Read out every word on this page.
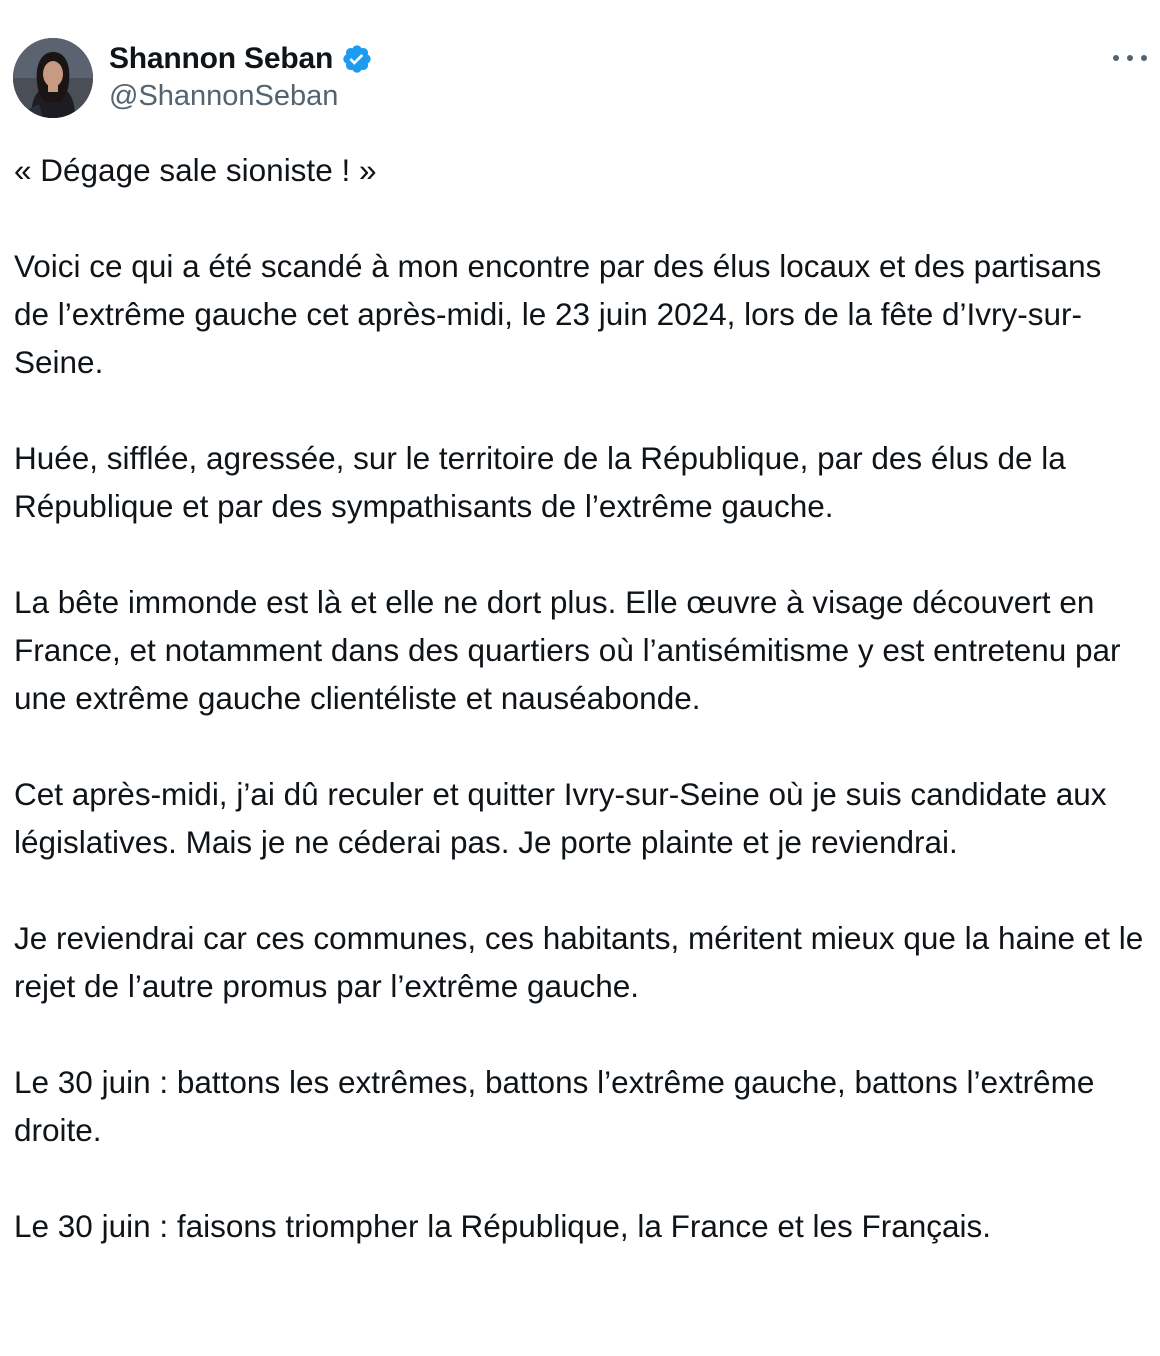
Shannon Seban
@ShannonSeban

« Dégage sale sioniste ! »

Voici ce qui a été scandé à mon encontre par des élus locaux et des partisans de l’extrême gauche cet après-midi, le 23 juin 2024, lors de la fête d’Ivry-sur-Seine.

Huée, sifflée, agressée, sur le territoire de la République, par des élus de la République et par des sympathisants de l’extrême gauche.

La bête immonde est là et elle ne dort plus. Elle œuvre à visage découvert en France, et notamment dans des quartiers où l’antisémitisme y est entretenu par une extrême gauche clientéliste et nauséabonde.

Cet après-midi, j’ai dû reculer et quitter Ivry-sur-Seine où je suis candidate aux législatives. Mais je ne céderai pas. Je porte plainte et je reviendrai.

Je reviendrai car ces communes, ces habitants, méritent mieux que la haine et le rejet de l’autre promus par l’extrême gauche.

Le 30 juin : battons les extrêmes, battons l’extrême gauche, battons l’extrême droite.

Le 30 juin : faisons triompher la République, la France et les Français.
